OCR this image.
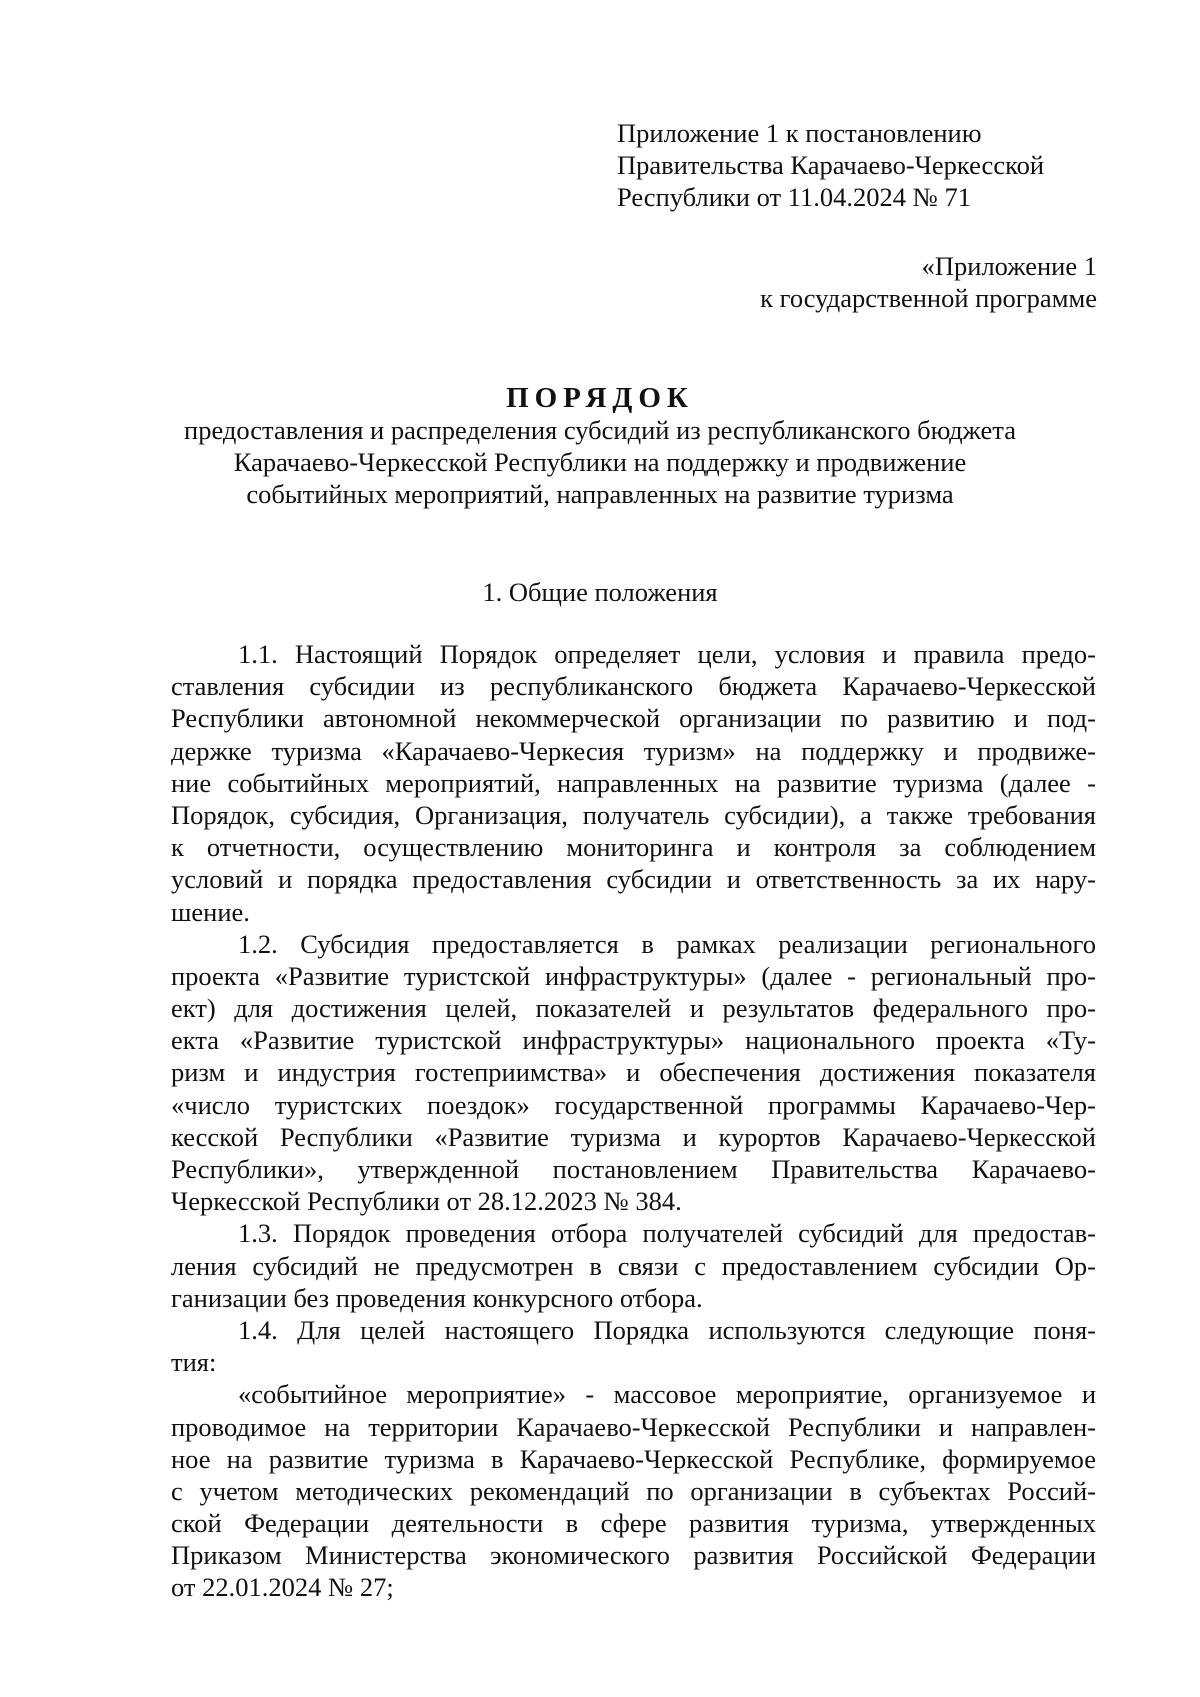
Приложение 1 к постановлению
Правительства Карачаево-Черкесской
Республики от 11.04.2024 № 71
«Приложение 1
к государственной программе
ПОРЯДОК
предоставления и распределения субсидий из республиканского бюджета
Карачаево-Черкесской Республики на поддержку и продвижение
событийных мероприятий, направленных на развитие туризма
1. Общие положения
1.1. Настоящий Порядок определяет цели, условия и правила предо-
ставления субсидии из республиканского бюджета Карачаево-Черкесской
Республики автономной некоммерческой организации по развитию и под-
держке туризма «Карачаево-Черкесия туризм» на поддержку и продвиже-
ние событийных мероприятий, направленных на развитие туризма (далее -
Порядок, субсидия, Организация, получатель субсидии), а также требования
к отчетности, осуществлению мониторинга и контроля за соблюдением
условий и порядка предоставления субсидии и ответственность за их нару-
шение.
1.2. Субсидия предоставляется в рамках реализации регионального
проекта «Развитие туристской инфраструктуры» (далее - региональный про-
ект) для достижения целей, показателей и результатов федерального про-
екта «Развитие туристской инфраструктуры» национального проекта «Ту-
ризм и индустрия гостеприимства» и обеспечения достижения показателя
«число туристских поездок» государственной программы Карачаево-Чер-
кесской Республики «Развитие туризма и курортов Карачаево-Черкесской
Республики», утвержденной постановлением Правительства Карачаево-
Черкесской Республики от 28.12.2023 № 384.
1.3. Порядок проведения отбора получателей субсидий для предостав-
ления субсидий не предусмотрен в связи с предоставлением субсидии Ор-
ганизации без проведения конкурсного отбора.
1.4. Для целей настоящего Порядка используются следующие поня-
тия:
«событийное мероприятие» - массовое мероприятие, организуемое и
проводимое на территории Карачаево-Черкесской Республики и направлен-
ное на развитие туризма в Карачаево-Черкесской Республике, формируемое
с учетом методических рекомендаций по организации в субъектах Россий-
ской Федерации деятельности в сфере развития туризма, утвержденных
Приказом Министерства экономического развития Российской Федерации
от 22.01.2024 № 27;
